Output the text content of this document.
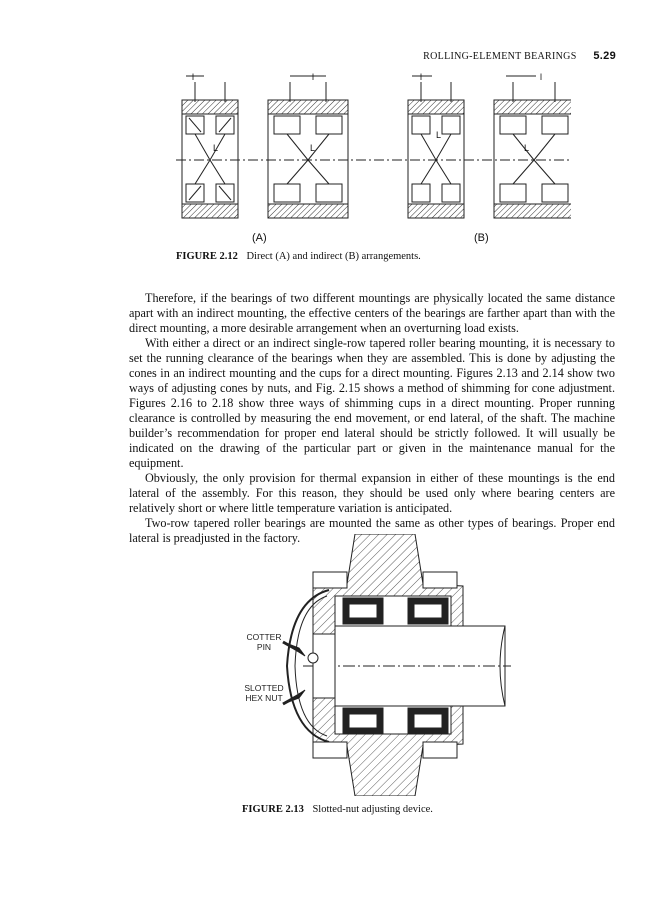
ROLLING-ELEMENT BEARINGS 5.29
l	l	l	l
L	L
L
L
(A)	(B)
FIGURE 2.12 Direct (A) and indirect (B) arrangements.

Therefore, if the bearings of two different mountings are physically located the same distance apart with an indirect mounting, the effective centers of the bearings are farther apart than with the direct mounting, a more desirable arrangement when an overturning load exists.

With either a direct or an indirect single-row tapered roller bearing mounting, it is necessary to set the running clearance of the bearings when they are assembled. This is done by adjusting the cones in an indirect mounting and the cups for a direct mounting. Figures 2.13 and 2.14 show two ways of adjusting cones by nuts, and Fig. 2.15 shows a method of shimming for cone adjustment. Figures 2.16 to 2.18 show three ways of shimming cups in a direct mounting. Proper running clearance is controlled by measuring the end movement, or end lateral, of the shaft. The machine builder’s recommendation for proper end lateral should be strictly followed. It will usually be indicated on the drawing of the particular part or given in the maintenance manual for the equipment.

Obviously, the only provision for thermal expansion in either of these mountings is the end lateral of the assembly. For this reason, they should be used only where bearing centers are relatively short or where little temperature variation is anticipated.

Two-row tapered roller bearings are mounted the same as other types of bearings. Proper end lateral is preadjusted in the factory.

COTTER PIN
SLOTTED HEX NUT
FIGURE 2.13 Slotted-nut adjusting device.
